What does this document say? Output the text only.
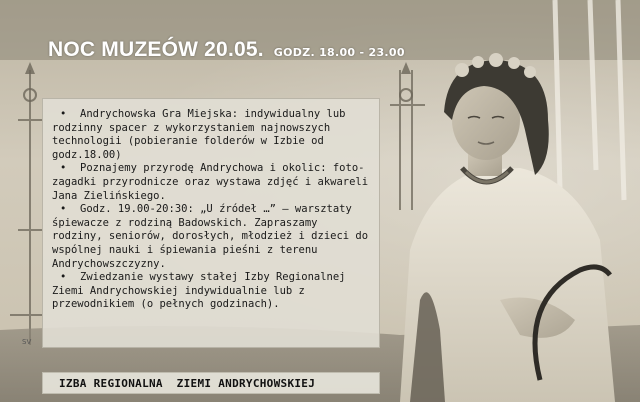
NOC MUZEÓW 20.05. GODZ. 18.00 - 23.00
• Andrychowska Gra Miejska: indywidualny lub rodzinny spacer z wykorzystaniem najnowszych technologii (pobieranie folderów w Izbie od godz.18.00)
• Poznajemy przyrodę Andrychowa i okolic: foto-zagadki przyrodnicze oraz wystawa zdjęć i akwareli Jana Zielińskiego.
• Godz. 19.00-20:30: „U źródeł …” – warsztaty śpiewacze z rodziną Badowskich. Zapraszamy rodziny, seniorów, dorosłych, młodzież i dzieci do wspólnej nauki i śpiewania pieśni z terenu Andrychowszczyzny.
• Zwiedzanie wystawy stałej Izby Regionalnej Ziemi Andrychowskiej indywidualnie lub z przewodnikiem (o pełnych godzinach).
SV
IZBA REGIONALNA  ZIEMI ANDRYCHOWSKIEJ
